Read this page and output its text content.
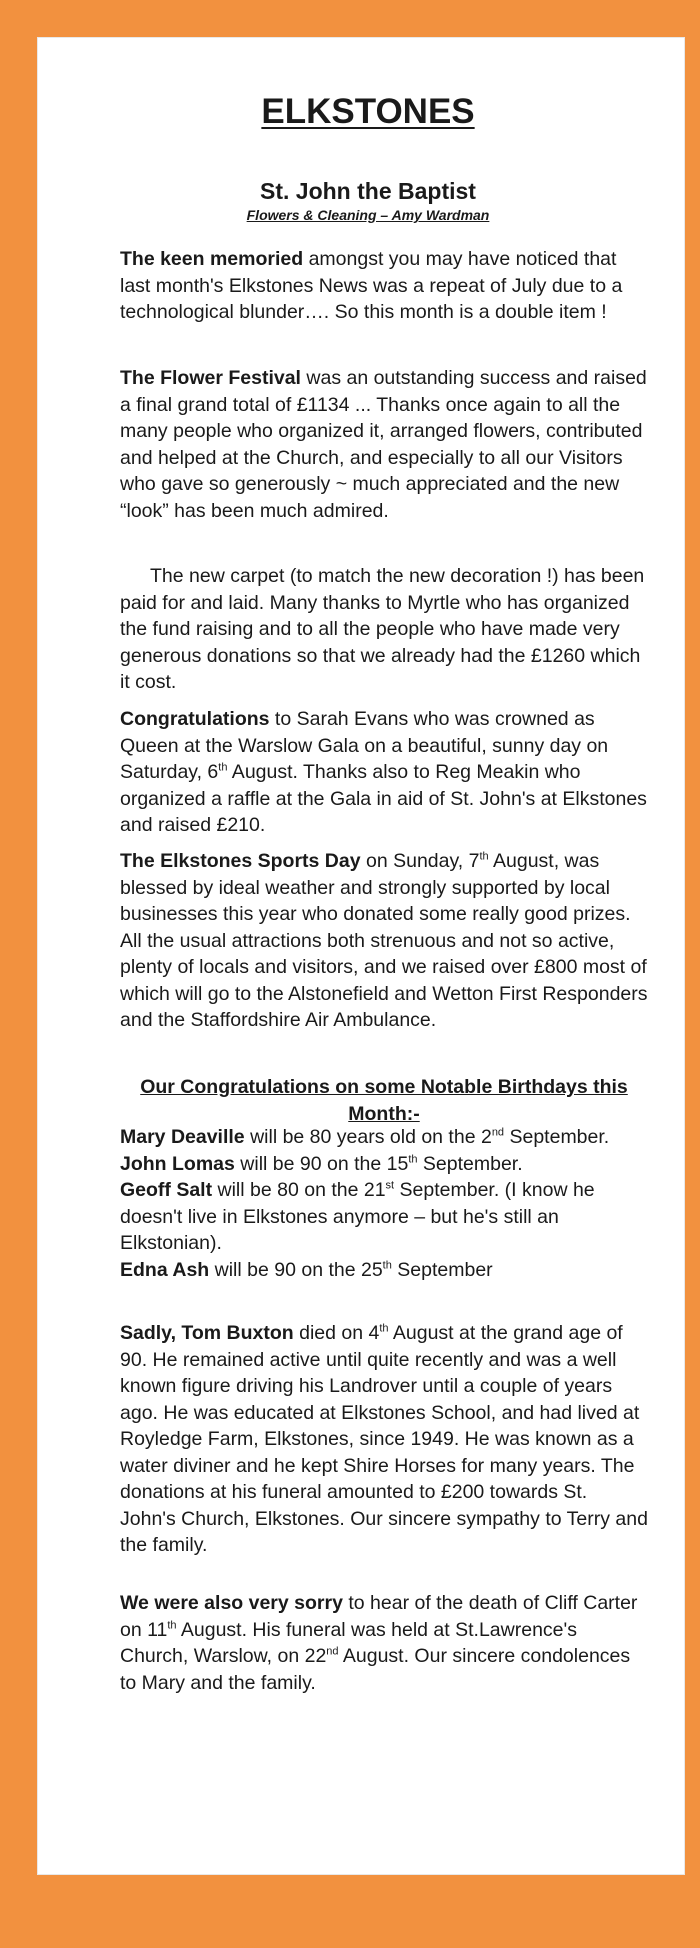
ELKSTONES
St. John the Baptist
Flowers & Cleaning – Amy Wardman

The keen memoried amongst you may have noticed that last month's Elkstones News was a repeat of July due to a technological blunder…. So this month is a double item !

The Flower Festival was an outstanding success and raised a final grand total of £1134 ... Thanks once again to all the many people who organized it, arranged flowers, contributed and helped at the Church, and especially to all our Visitors who gave so generously ~ much appreciated and the new “look” has been much admired.

The new carpet (to match the new decoration !) has been paid for and laid. Many thanks to Myrtle who has organized the fund raising and to all the people who have made very generous donations so that we already had the £1260 which it cost.

Congratulations to Sarah Evans who was crowned as Queen at the Warslow Gala on a beautiful, sunny day on Saturday, 6th August. Thanks also to Reg Meakin who organized a raffle at the Gala in aid of St. John's at Elkstones and raised £210.

The Elkstones Sports Day on Sunday, 7th August, was blessed by ideal weather and strongly supported by local businesses this year who donated some really good prizes. All the usual attractions both strenuous and not so active, plenty of locals and visitors, and we raised over £800 most of which will go to the Alstonefield and Wetton First Responders and the Staffordshire Air Ambulance.

Our Congratulations on some Notable Birthdays this Month:-

Mary Deaville will be 80 years old on the 2nd September.
John Lomas will be 90 on the 15th September.
Geoff Salt will be 80 on the 21st September. (I know he doesn't live in Elkstones anymore – but he's still an Elkstonian).
Edna Ash will be 90 on the 25th September

Sadly, Tom Buxton died on 4th August at the grand age of 90. He remained active until quite recently and was a well known figure driving his Landrover until a couple of years ago. He was educated at Elkstones School, and had lived at Royledge Farm, Elkstones, since 1949. He was known as a water diviner and he kept Shire Horses for many years. The donations at his funeral amounted to £200 towards St. John's Church, Elkstones. Our sincere sympathy to Terry and the family.

We were also very sorry to hear of the death of Cliff Carter on 11th August. His funeral was held at St.Lawrence's Church, Warslow, on 22nd August. Our sincere condolences to Mary and the family.
